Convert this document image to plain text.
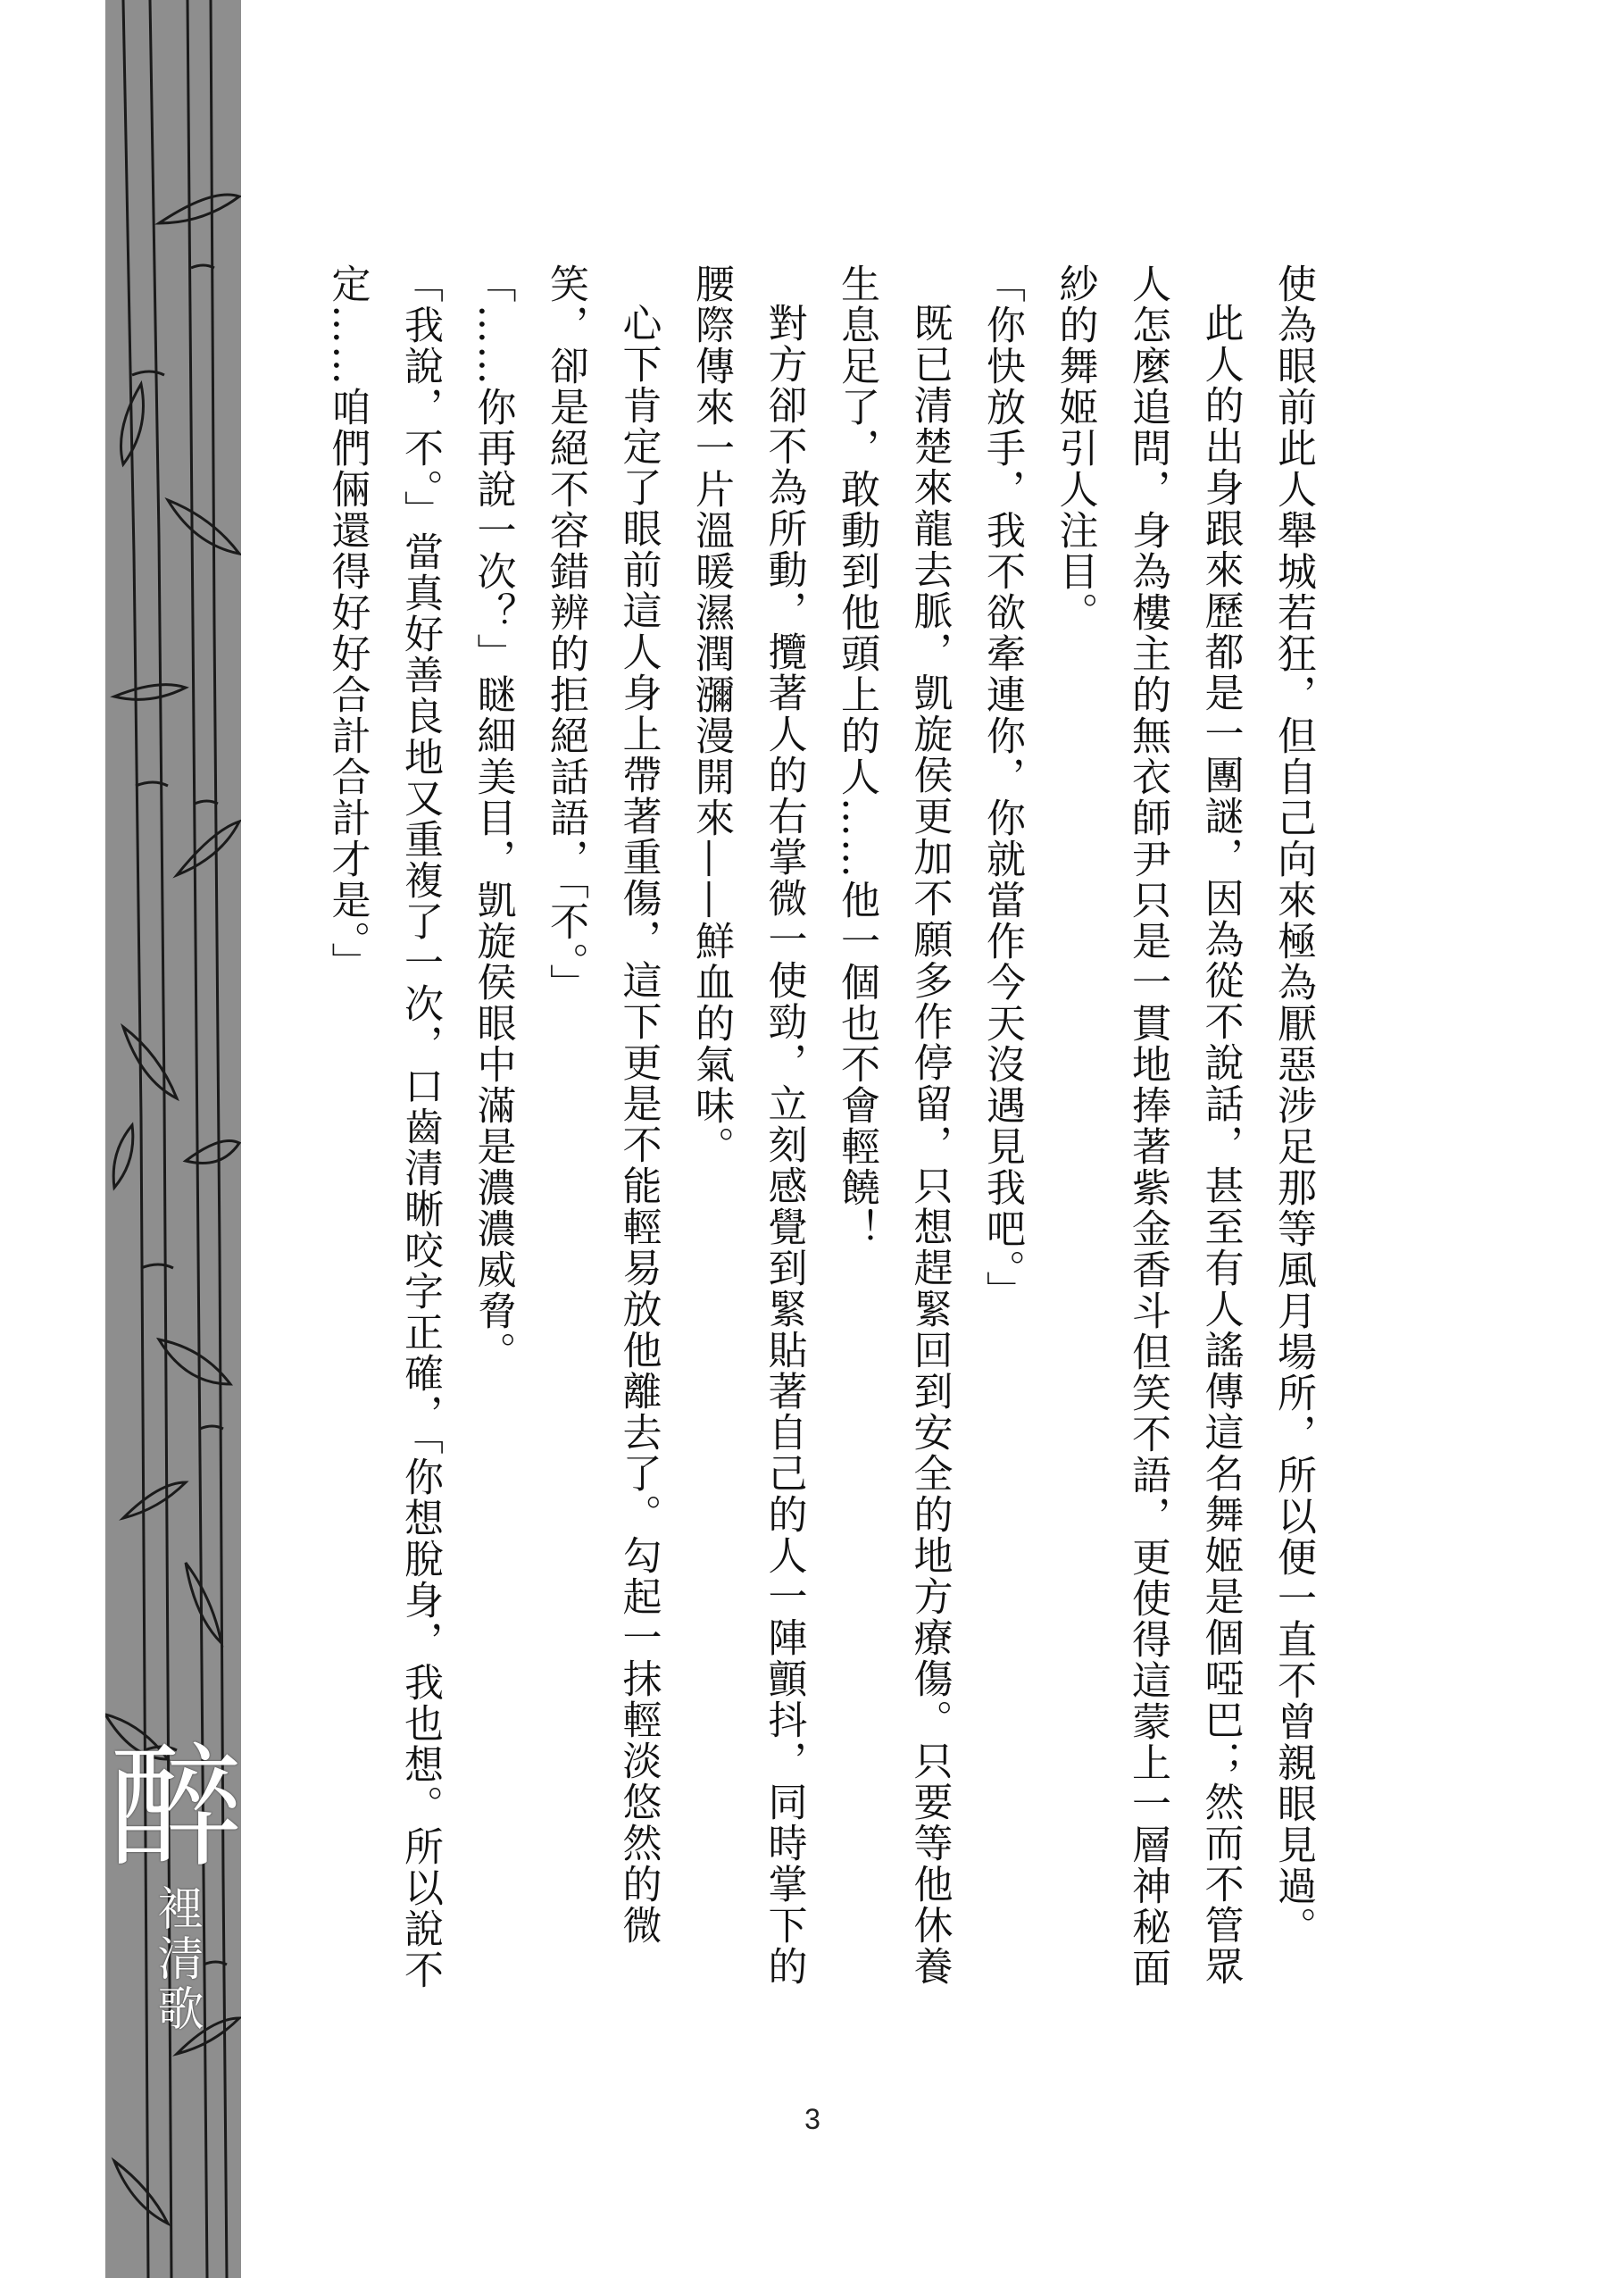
醉
裡清歌

使為眼前此人舉城若狂，但自己向來極為厭惡涉足那等風月場所，所以便一直不曾親眼見過。

此人的出身跟來歷都是一團謎，因為從不說話，甚至有人謠傳這名舞姬是個啞巴；然而不管眾人怎麼追問，身為樓主的無衣師尹只是一貫地捧著紫金香斗但笑不語，更使得這蒙上一層神秘面紗的舞姬引人注目。

「你快放手，我不欲牽連你，你就當作今天沒遇見我吧。」

既已清楚來龍去脈，凱旋侯更加不願多作停留，只想趕緊回到安全的地方療傷。只要等他休養生息足了，敢動到他頭上的人……他一個也不會輕饒！

對方卻不為所動，攬著人的右掌微一使勁，立刻感覺到緊貼著自己的人一陣顫抖，同時掌下的腰際傳來一片溫暖濕潤瀰漫開來——鮮血的氣味。

心下肯定了眼前這人身上帶著重傷，這下更是不能輕易放他離去了。勾起一抹輕淡悠然的微笑，卻是絕不容錯辨的拒絕話語，「不。」

「……你再說一次？」瞇細美目，凱旋侯眼中滿是濃濃威脅。

「我說，不。」當真好善良地又重複了一次，口齒清晰咬字正確，「你想脫身，我也想。所以說不定……咱們倆還得好好合計合計才是。」

3
